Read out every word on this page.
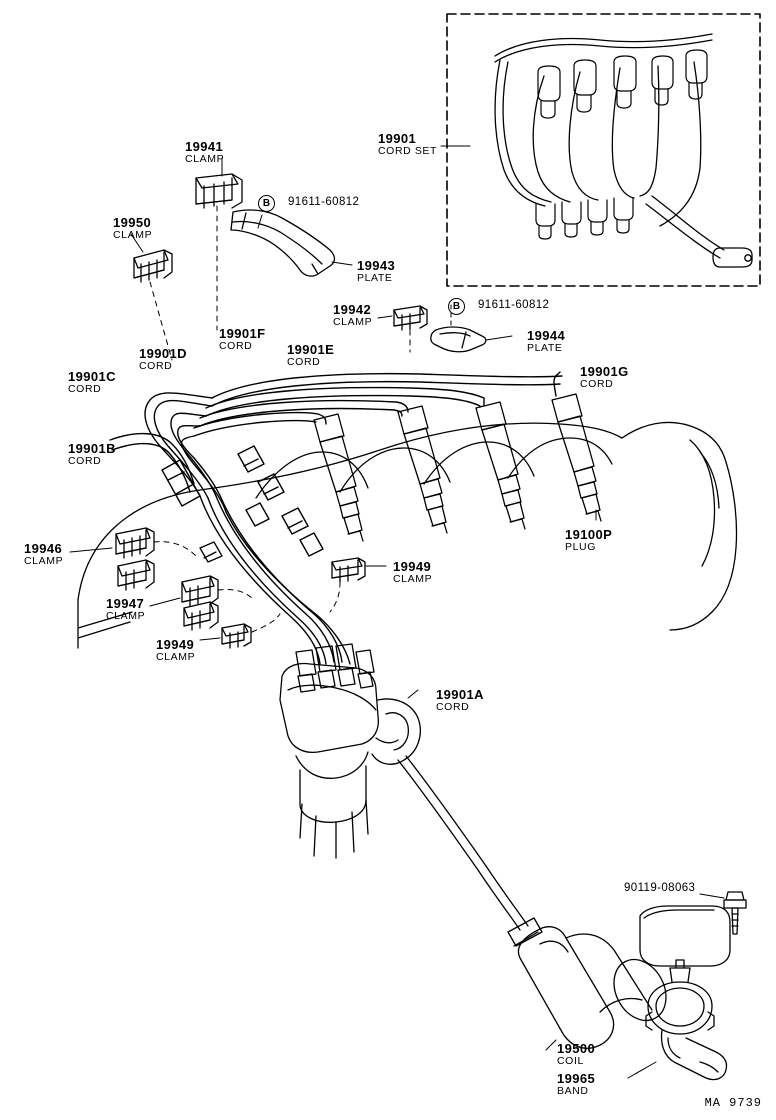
19901
CORD SET
19941
CLAMP
19950
CLAMP
19943
PLATE
19942
CLAMP
19944
PLATE
19901F
CORD
19901D
CORD
19901E
CORD
19901G
CORD
19901C
CORD
19901B
CORD
19100P
PLUG
19946
CLAMP	19949
CLAMP
19947
CLAMP
19949
CLAMP
19901A
CORD
19500
COIL
19965
BAND
B	91611-60812
B	91611-60812
90119-08063
MA 9739
